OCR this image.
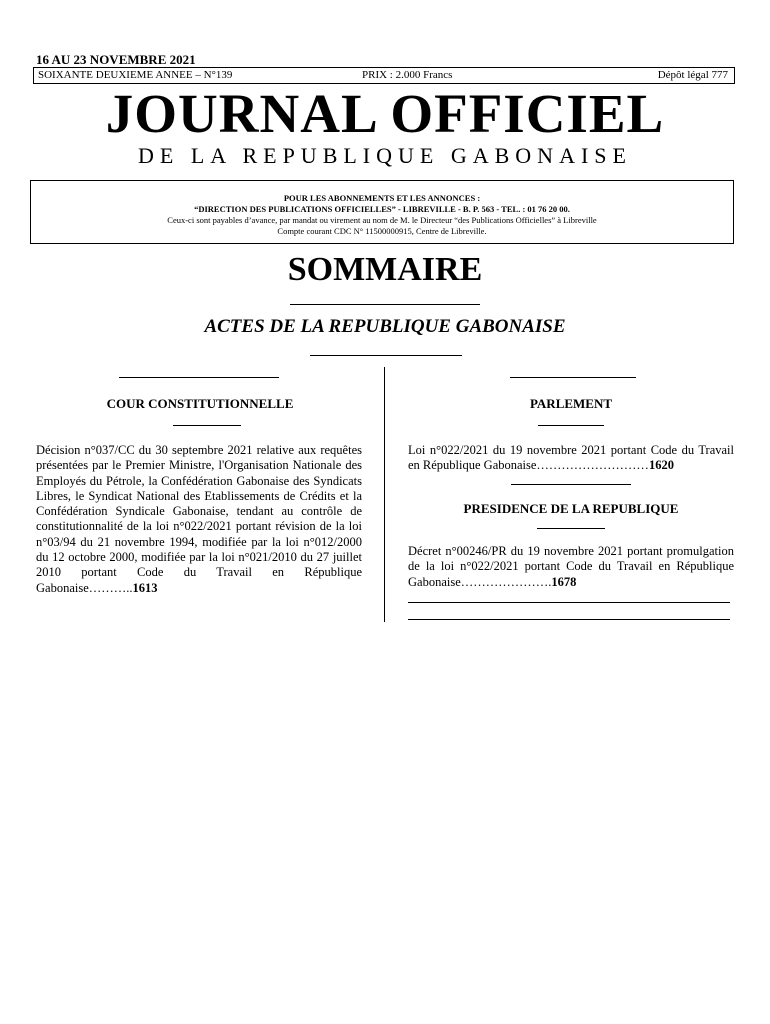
16 AU 23 NOVEMBRE 2021
SOIXANTE DEUXIEME ANNEE – N°139	PRIX : 2.000 Francs	Dépôt légal 777
JOURNAL OFFICIEL
DE LA REPUBLIQUE GABONAISE
POUR LES ABONNEMENTS ET LES ANNONCES :
“DIRECTION DES PUBLICATIONS OFFICIELLES” - LIBREVILLE - B. P. 563 - TEL. : 01 76 20 00.
Ceux-ci sont payables d’avance, par mandat ou virement au nom de M. le Directeur “des Publications Officielles” à Libreville
Compte courant CDC N° 11500000915, Centre de Libreville.
SOMMAIRE
ACTES DE LA REPUBLIQUE GABONAISE
COUR CONSTITUTIONNELLE
Décision n°037/CC du 30 septembre 2021 relative aux requêtes présentées par le Premier Ministre, l'Organisation Nationale des Employés du Pétrole, la Confédération Gabonaise des Syndicats Libres, le Syndicat National des Etablissements de Crédits et la Confédération Syndicale Gabonaise, tendant au contrôle de constitutionnalité de la loi n°022/2021 portant révision de la loi n°03/94 du 21 novembre 1994, modifiée par la loi n°012/2000 du 12 octobre 2000, modifiée par la loi n°021/2010 du 27 juillet 2010 portant Code du Travail en République Gabonaise………..1613
PARLEMENT
Loi n°022/2021 du 19 novembre 2021 portant Code du Travail en République Gabonaise………………………1620
PRESIDENCE DE LA REPUBLIQUE
Décret n°00246/PR du 19 novembre 2021 portant promulgation de la loi n°022/2021 portant Code du Travail en République Gabonaise………………….1678
